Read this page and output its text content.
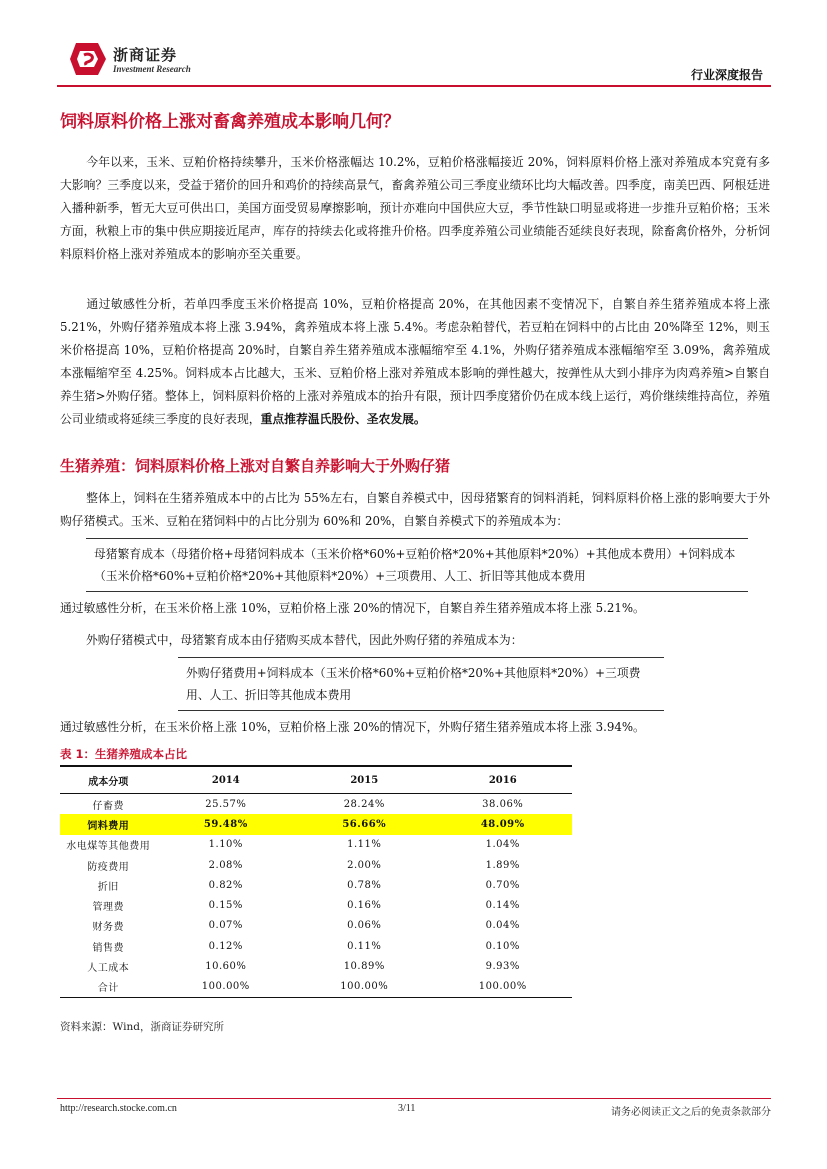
浙商证券
Investment Research	行业深度报告
饲料原料价格上涨对畜禽养殖成本影响几何？

今年以来，玉米、豆粕价格持续攀升，玉米价格涨幅达 10.2%，豆粕价格涨幅接近 20%，饲料原料价格上涨对养殖成本究竟有多大影响？三季度以来，受益于猪价的回升和鸡价的持续高景气，畜禽养殖公司三季度业绩环比均大幅改善。四季度，南美巴西、阿根廷进入播种新季，暂无大豆可供出口，美国方面受贸易摩擦影响，预计亦难向中国供应大豆，季节性缺口明显或将进一步推升豆粕价格；玉米方面，秋粮上市的集中供应期接近尾声，库存的持续去化或将推升价格。四季度养殖公司业绩能否延续良好表现，除畜禽价格外，分析饲料原料价格上涨对养殖成本的影响亦至关重要。

通过敏感性分析，若单四季度玉米价格提高 10%，豆粕价格提高 20%，在其他因素不变情况下，自繁自养生猪养殖成本将上涨 5.21%，外购仔猪养殖成本将上涨 3.94%，禽养殖成本将上涨 5.4%。考虑杂粕替代，若豆粕在饲料中的占比由 20%降至 12%，则玉米价格提高 10%，豆粕价格提高 20%时，自繁自养生猪养殖成本涨幅缩窄至 4.1%，外购仔猪养殖成本涨幅缩窄至 3.09%，禽养殖成本涨幅缩窄至 4.25%。饲料成本占比越大，玉米、豆粕价格上涨对养殖成本影响的弹性越大，按弹性从大到小排序为肉鸡养殖>自繁自养生猪>外购仔猪。整体上，饲料原料价格的上涨对养殖成本的抬升有限，预计四季度猪价仍在成本线上运行，鸡价继续维持高位，养殖公司业绩或将延续三季度的良好表现，重点推荐温氏股份、圣农发展。

生猪养殖：饲料原料价格上涨对自繁自养影响大于外购仔猪

整体上，饲料在生猪养殖成本中的占比为 55%左右，自繁自养模式中，因母猪繁育的饲料消耗，饲料原料价格上涨的影响要大于外购仔猪模式。玉米、豆粕在猪饲料中的占比分别为 60%和 20%，自繁自养模式下的养殖成本为：

母猪繁育成本（母猪价格+母猪饲料成本（玉米价格*60%+豆粕价格*20%+其他原料*20%）+其他成本费用）+饲料成本（玉米价格*60%+豆粕价格*20%+其他原料*20%）+三项费用、人工、折旧等其他成本费用

通过敏感性分析，在玉米价格上涨 10%，豆粕价格上涨 20%的情况下，自繁自养生猪养殖成本将上涨 5.21%。

外购仔猪模式中，母猪繁育成本由仔猪购买成本替代，因此外购仔猪的养殖成本为：

外购仔猪费用+饲料成本（玉米价格*60%+豆粕价格*20%+其他原料*20%）+三项费用、人工、折旧等其他成本费用

通过敏感性分析，在玉米价格上涨 10%，豆粕价格上涨 20%的情况下，外购仔猪生猪养殖成本将上涨 3.94%。

表 1：生猪养殖成本占比
成本分项	2014	2015	2016
仔畜费	25.57%	28.24%	38.06%
饲料费用	59.48%	56.66%	48.09%
水电煤等其他费用	1.10%	1.11%	1.04%
防疫费用	2.08%	2.00%	1.89%
折旧	0.82%	0.78%	0.70%
管理费	0.15%	0.16%	0.14%
财务费	0.07%	0.06%	0.04%
销售费	0.12%	0.11%	0.10%
人工成本	10.60%	10.89%	9.93%
合计	100.00%	100.00%	100.00%
资料来源：Wind，浙商证券研究所
http://research.stocke.com.cn	3/11	请务必阅读正文之后的免责条款部分
